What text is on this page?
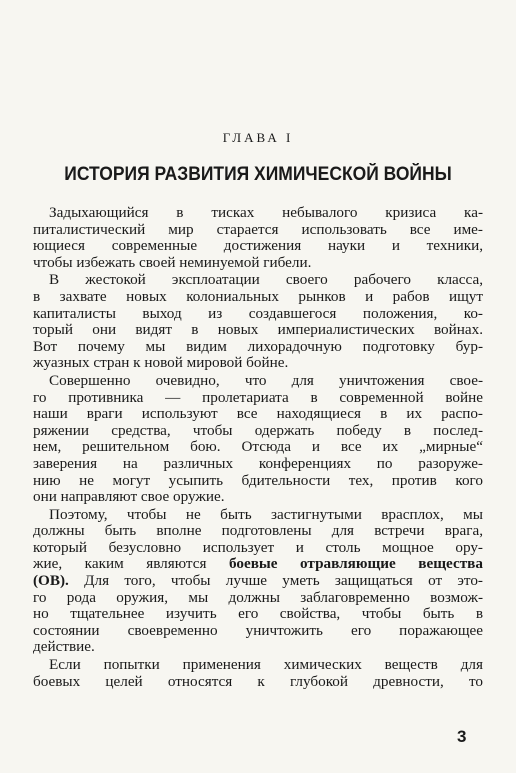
ГЛАВА I
ИСТОРИЯ РАЗВИТИЯ ХИМИЧЕСКОЙ ВОЙНЫ
Задыхающийся в тисках небывалого кризиса ка-
питалистический мир старается использовать все име-
ющиеся современные достижения науки и техники,
чтобы избежать своей неминуемой гибели.
В жестокой эксплоатации своего рабочего класса,
в захвате новых колониальных рынков и рабов ищут
капиталисты выход из создавшегося положения, ко-
торый они видят в новых империалистических войнах.
Вот почему мы видим лихорадочную подготовку бур-
жуазных стран к новой мировой бойне.
Совершенно очевидно, что для уничтожения свое-
го противника — пролетариата в современной войне
наши враги используют все находящиеся в их распо-
ряжении средства, чтобы одержать победу в послед-
нем, решительном бою. Отсюда и все их „мирные“
заверения на различных конференциях по разоруже-
нию не могут усыпить бдительности тех, против кого
они направляют свое оружие.
Поэтому, чтобы не быть застигнутыми врасплох, мы
должны быть вполне подготовлены для встречи врага,
который безусловно использует и столь мощное ору-
жие, каким являются боевые отравляющие вещества
(ОВ). Для того, чтобы лучше уметь защищаться от это-
го рода оружия, мы должны заблаговременно возмож-
но тщательнее изучить его свойства, чтобы быть в
состоянии своевременно уничтожить его поражающее
действие.
Если попытки применения химических веществ для
боевых целей относятся к глубокой древности, то
3
